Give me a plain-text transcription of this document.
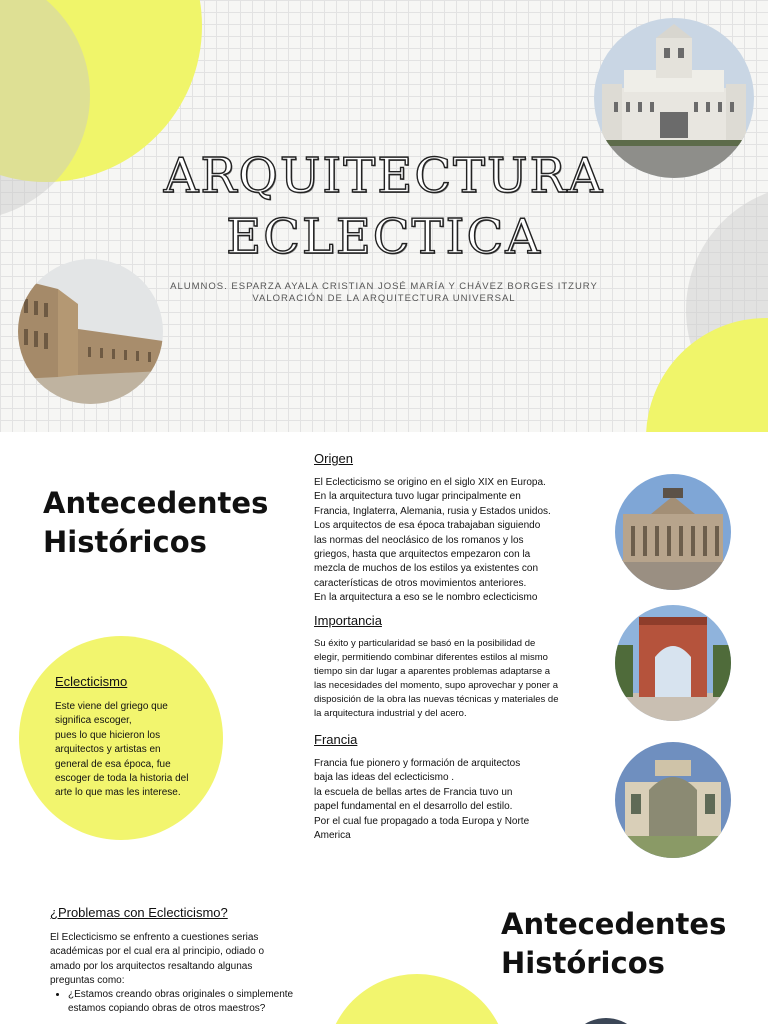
ARQUITECTURA
ECLECTICA
ALUMNOS. ESPARZA AYALA CRISTIAN JOSÉ MARÍA Y CHÁVEZ BORGES ITZURY
VALORACIÓN DE LA ARQUITECTURA UNIVERSAL
Antecedentes
Históricos
Eclecticismo
Este viene del griego que
significa escoger,
pues lo que hicieron los
arquitectos y artistas en
general de esa época, fue
escoger de toda la historia del
arte lo que mas les interese.
Origen
El Eclecticismo se origino en el siglo XIX en Europa.
En la arquitectura tuvo lugar principalmente en
Francia, Inglaterra, Alemania, rusia y Estados unidos.
Los arquitectos de esa época trabajaban siguiendo
las normas del neoclásico de los romanos y los
griegos, hasta que arquitectos empezaron con la
mezcla de muchos de los estilos ya existentes con
características de otros movimientos anteriores.
En la arquitectura a eso se le nombro eclecticismo
Importancia
Su éxito y particularidad se basó en la posibilidad de
elegir, permitiendo combinar diferentes estilos al mismo
tiempo sin dar lugar a aparentes problemas adaptarse a
las necesidades del momento, supo aprovechar y poner a
disposición de la obra las nuevas técnicas y materiales de
la arquitectura industrial y del acero.
Francia
Francia fue pionero y formación de arquitectos
baja las ideas del eclecticismo .
la escuela de bellas artes de Francia tuvo un
papel fundamental en el desarrollo del estilo.
Por el cual fue propagado a toda Europa y Norte
America
¿Problemas con Eclecticismo?
El Eclecticismo se enfrento a cuestiones serias
académicas por el cual era al principio, odiado o
amado por los arquitectos resaltando algunas
preguntas como:
• ¿Estamos creando obras originales o simplemente estamos copiando obras de otros maestros?
Antecedentes
Históricos
